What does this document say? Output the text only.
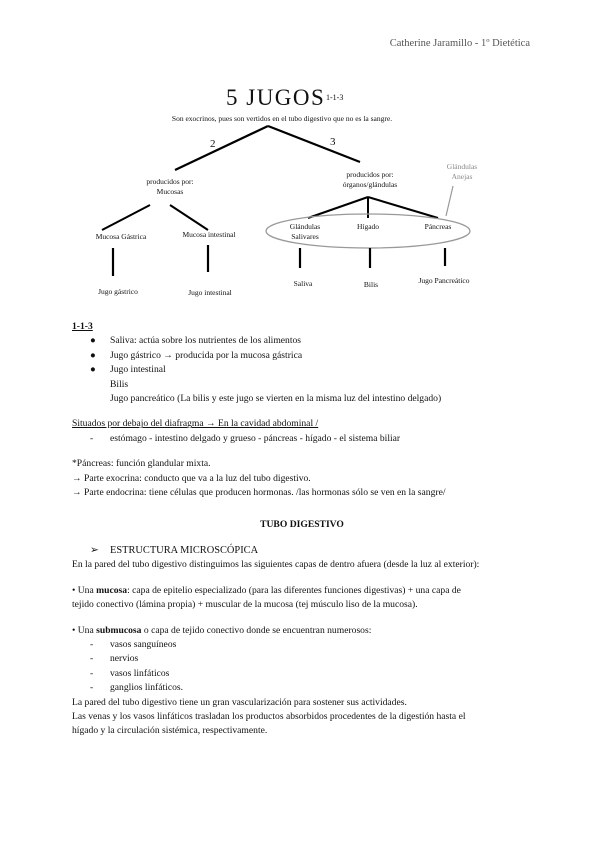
Catherine Jaramillo - 1º Dietética
5 JUGOS 1-1-3
Son exocrinos, pues son vertidos en el tubo digestivo que no es la sangre.
2	3
producidos por:
Mucosas
producidos por:
órganos/glándulas
Glándulas
Anejas
Mucosa Gástrica	Mucosa intestinal
Glándulas
Salivares
Hígado	Páncreas
Jugo gástrico	Jugo intestinal
Saliva	Bilis	Jugo Pancreático
1-1-3
● Saliva: actúa sobre los nutrientes de los alimentos
● Jugo gástrico → producida por la mucosa gástrica
● Jugo intestinal
Bilis
Jugo pancreático (La bilis y este jugo se vierten en la misma luz del intestino delgado)
Situados por debajo del diafragma → En la cavidad abdominal /
- estómago - intestino delgado y grueso - páncreas - hígado - el sistema biliar
*Páncreas: función glandular mixta.
→ Parte exocrina: conducto que va a la luz del tubo digestivo.
→ Parte endocrina: tiene células que producen hormonas. /las hormonas sólo se ven en la sangre/
TUBO DIGESTIVO
➢ ESTRUCTURA MICROSCÓPICA
En la pared del tubo digestivo distinguimos las siguientes capas de dentro afuera (desde la luz al exterior):
• Una mucosa: capa de epitelio especializado (para las diferentes funciones digestivas) + una capa de
tejido conectivo (lámina propia) + muscular de la mucosa (tej músculo liso de la mucosa).
• Una submucosa o capa de tejido conectivo donde se encuentran numerosos:
- vasos sanguíneos
- nervios
- vasos linfáticos
- ganglios linfáticos.
La pared del tubo digestivo tiene un gran vascularización para sostener sus actividades.
Las venas y los vasos linfáticos trasladan los productos absorbidos procedentes de la digestión hasta el
hígado y la circulación sistémica, respectivamente.
